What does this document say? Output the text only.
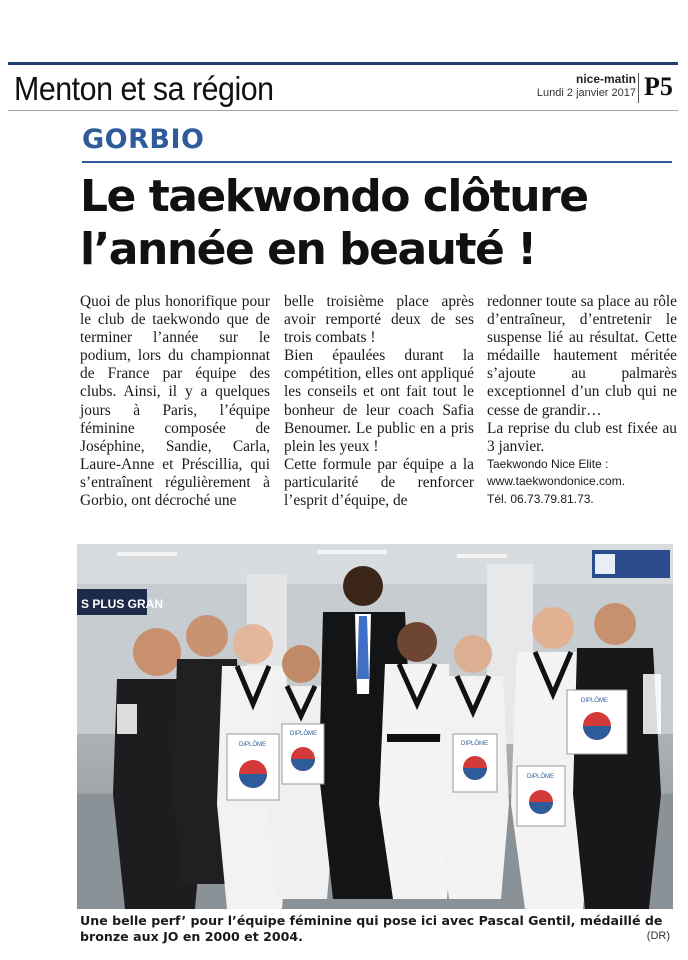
Menton et sa région	nice-matin
Lundi 2 janvier 2017 P5
GORBIO
Le taekwondo clôture
l’année en beauté !

Quoi de plus honorifique pour le club de taekwondo que de terminer l’année sur le podium, lors du championnat de France par équipe des clubs. Ainsi, il y a quelques jours à Paris, l’équipe féminine composée de Joséphine, Sandie, Carla, Laure-Anne et Préscillia, qui s’entraînent régulièrement à Gorbio, ont décroché une

belle troisième place après avoir remporté deux de ses trois combats !

Bien épaulées durant la compétition, elles ont appliqué les conseils et ont fait tout le bonheur de leur coach Safia Benoumer. Le public en a pris plein les yeux !

Cette formule par équipe a la particularité de renforcer l’esprit d’équipe, de

redonner toute sa place au rôle d’entraîneur, d’entretenir le suspense lié au résultat. Cette médaille hautement méritée s’ajoute au palmarès exceptionnel d’un club qui ne cesse de grandir…

La reprise du club est fixée au 3 janvier.

Taekwondo Nice Elite :
www.taekwondonice.com.
Tél. 06.73.79.81.73.
S PLUS GRAN
DIPLÔME
DIPLÔME
DIPLÔME
DIPLÔME
DIPLÔME
Une belle perf’ pour l’équipe féminine qui pose ici avec Pascal Gentil, médaillé de bronze aux JO en 2000 et 2004.	(DR)
